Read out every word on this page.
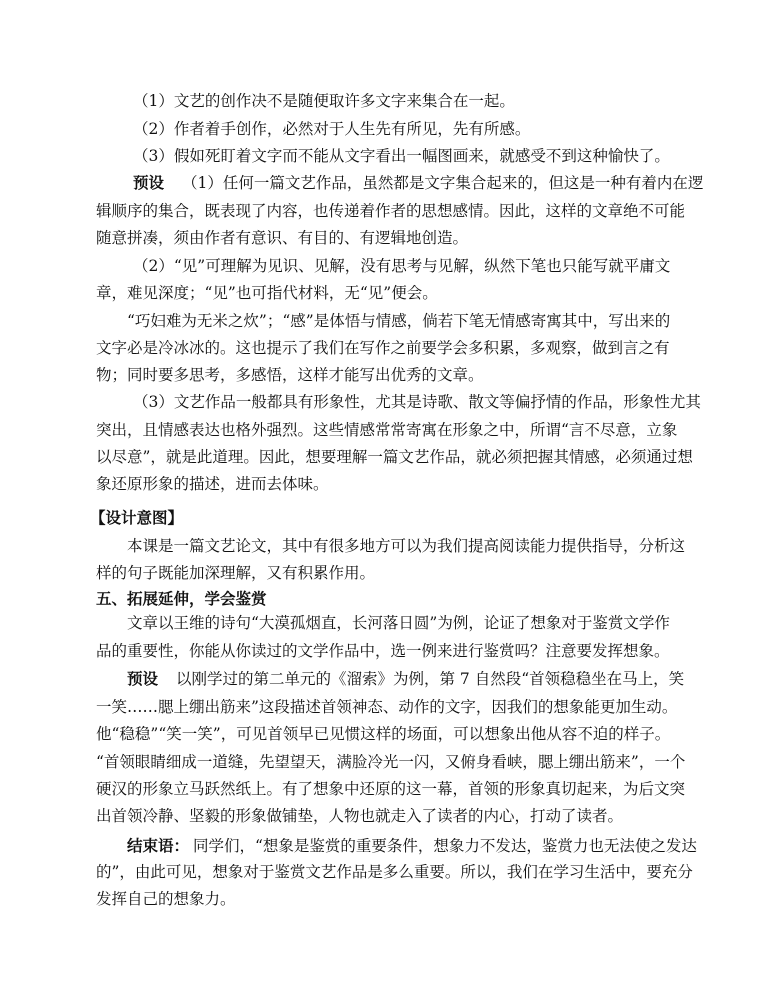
（1）文艺的创作决不是随便取许多文字来集合在一起。
（2）作者着手创作，必然对于人生先有所见，先有所感。
（3）假如死盯着文字而不能从文字看出一幅图画来，就感受不到这种愉快了。
预设 （1）任何一篇文艺作品，虽然都是文字集合起来的，但这是一种有着内在逻
辑顺序的集合，既表现了内容，也传递着作者的思想感情。因此，这样的文章绝不可能
随意拼凑，须由作者有意识、有目的、有逻辑地创造。
（2）“见”可理解为见识、见解，没有思考与见解，纵然下笔也只能写就平庸文
章，难见深度；“见”也可指代材料，无“见”便会。
“巧妇难为无米之炊”；“感”是体悟与情感，倘若下笔无情感寄寓其中，写出来的
文字必是冷冰冰的。这也提示了我们在写作之前要学会多积累，多观察，做到言之有
物；同时要多思考，多感悟，这样才能写出优秀的文章。
（3）文艺作品一般都具有形象性，尤其是诗歌、散文等偏抒情的作品，形象性尤其
突出，且情感表达也格外强烈。这些情感常常寄寓在形象之中，所谓“言不尽意，立象
以尽意”，就是此道理。因此，想要理解一篇文艺作品，就必须把握其情感，必须通过想
象还原形象的描述，进而去体味。
【设计意图】
本课是一篇文艺论文，其中有很多地方可以为我们提高阅读能力提供指导，分析这
样的句子既能加深理解，又有积累作用。
五、拓展延伸，学会鉴赏
文章以王维的诗句“大漠孤烟直，长河落日圆”为例，论证了想象对于鉴赏文学作
品的重要性，你能从你读过的文学作品中，选一例来进行鉴赏吗？注意要发挥想象。
预设 以刚学过的第二单元的《溜索》为例，第 7 自然段“首领稳稳坐在马上，笑
一笑……腮上绷出筋来”这段描述首领神态、动作的文字，因我们的想象能更加生动。
他“稳稳”“笑一笑”，可见首领早已见惯这样的场面，可以想象出他从容不迫的样子。
“首领眼睛细成一道缝，先望望天，满脸冷光一闪，又俯身看峡，腮上绷出筋来”，一个
硬汉的形象立马跃然纸上。有了想象中还原的这一幕，首领的形象真切起来，为后文突
出首领冷静、坚毅的形象做铺垫，人物也就走入了读者的内心，打动了读者。
结束语： 同学们，“想象是鉴赏的重要条件，想象力不发达，鉴赏力也无法使之发达
的”，由此可见，想象对于鉴赏文艺作品是多么重要。所以，我们在学习生活中，要充分
发挥自己的想象力。
